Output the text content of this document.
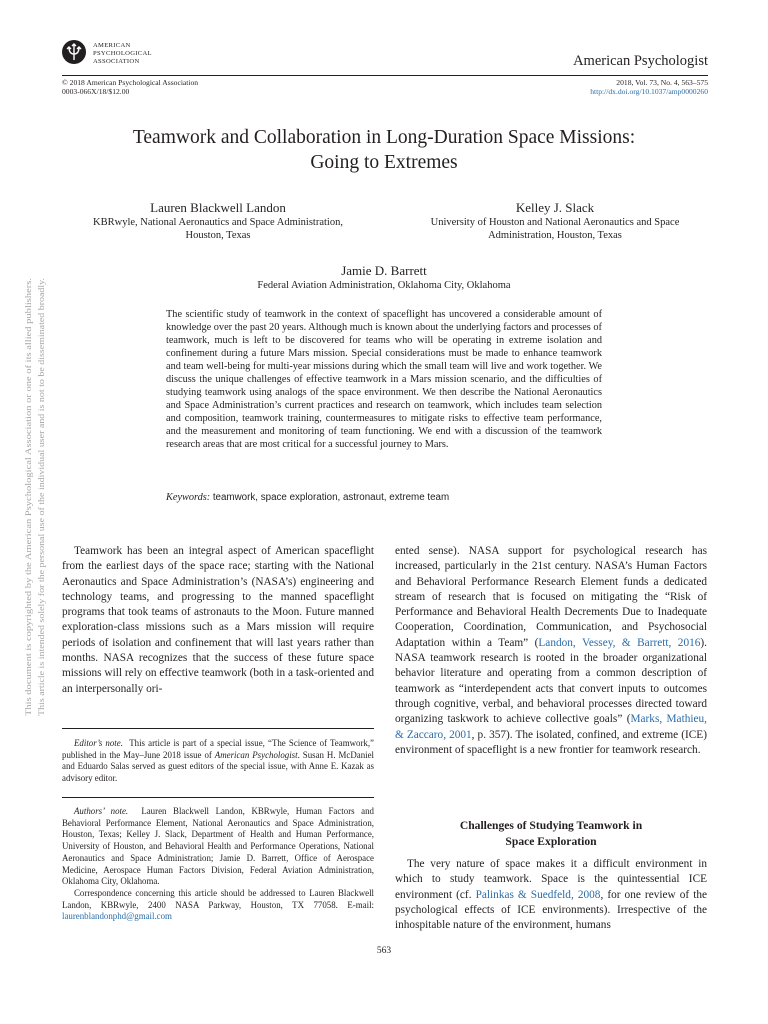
AMERICAN
PSYCHOLOGICAL
ASSOCIATION	American Psychologist
© 2018 American Psychological Association
0003-066X/18/$12.00
2018, Vol. 73, No. 4, 563–575
http://dx.doi.org/10.1037/amp0000260
Teamwork and Collaboration in Long-Duration Space Missions:
Going to Extremes
Lauren Blackwell Landon
KBRwyle, National Aeronautics and Space Administration,
Houston, Texas
Kelley J. Slack
University of Houston and National Aeronautics and Space
Administration, Houston, Texas
Jamie D. Barrett
Federal Aviation Administration, Oklahoma City, Oklahoma
The scientific study of teamwork in the context of spaceflight has uncovered a considerable amount of knowledge over the past 20 years. Although much is known about the underlying factors and processes of teamwork, much is left to be discovered for teams who will be operating in extreme isolation and confinement during a future Mars mission. Special considerations must be made to enhance teamwork and team well-being for multi-year missions during which the small team will live and work together. We discuss the unique challenges of effective teamwork in a Mars mission scenario, and the difficulties of studying teamwork using analogs of the space environment. We then describe the National Aeronautics and Space Administration’s current practices and research on teamwork, which includes team selection and composition, teamwork training, countermeasures to mitigate risks to effective team performance, and the measurement and monitoring of team functioning. We end with a discussion of the teamwork research areas that are most critical for a successful journey to Mars.
Keywords: teamwork, space exploration, astronaut, extreme team
Teamwork has been an integral aspect of American spaceflight from the earliest days of the space race; starting with the National Aeronautics and Space Administration’s (NASA’s) engineering and technology teams, and progressing to the manned spaceflight programs that took teams of astronauts to the Moon. Future manned exploration-class missions such as a Mars mission will require periods of isolation and confinement that will last years rather than months. NASA recognizes that the success of these future space missions will rely on effective teamwork (both in a task-oriented and an interpersonally ori-
Editor’s note. This article is part of a special issue, “The Science of Teamwork,” published in the May–June 2018 issue of American Psychologist. Susan H. McDaniel and Eduardo Salas served as guest editors of the special issue, with Anne E. Kazak as advisory editor.
Authors’ note. Lauren Blackwell Landon, KBRwyle, Human Factors and Behavioral Performance Element, National Aeronautics and Space Administration, Houston, Texas; Kelley J. Slack, Department of Health and Human Performance, University of Houston, and Behavioral Health and Performance Operations, National Aeronautics and Space Administration; Jamie D. Barrett, Office of Aerospace Medicine, Aerospace Human Factors Division, Federal Aviation Administration, Oklahoma City, Oklahoma.
Correspondence concerning this article should be addressed to Lauren Blackwell Landon, KBRwyle, 2400 NASA Parkway, Houston, TX 77058. E-mail: laurenblandonphd@gmail.com
ented sense). NASA support for psychological research has increased, particularly in the 21st century. NASA’s Human Factors and Behavioral Performance Research Element funds a dedicated stream of research that is focused on mitigating the “Risk of Performance and Behavioral Health Decrements Due to Inadequate Cooperation, Coordination, Communication, and Psychosocial Adaptation within a Team” (Landon, Vessey, & Barrett, 2016). NASA teamwork research is rooted in the broader organizational behavior literature and operating from a common description of teamwork as “interdependent acts that convert inputs to outcomes through cognitive, verbal, and behavioral processes directed toward organizing taskwork to achieve collective goals” (Marks, Mathieu, & Zaccaro, 2001, p. 357). The isolated, confined, and extreme (ICE) environment of spaceflight is a new frontier for teamwork research.
Challenges of Studying Teamwork in
Space Exploration
The very nature of space makes it a difficult environment in which to study teamwork. Space is the quintessential ICE environment (cf. Palinkas & Suedfeld, 2008, for one review of the psychological effects of ICE environments). Irrespective of the inhospitable nature of the environment, humans
563
This document is copyrighted by the American Psychological Association or one of its allied publishers. This article is intended solely for the personal use of the individual user and is not to be disseminated broadly.
